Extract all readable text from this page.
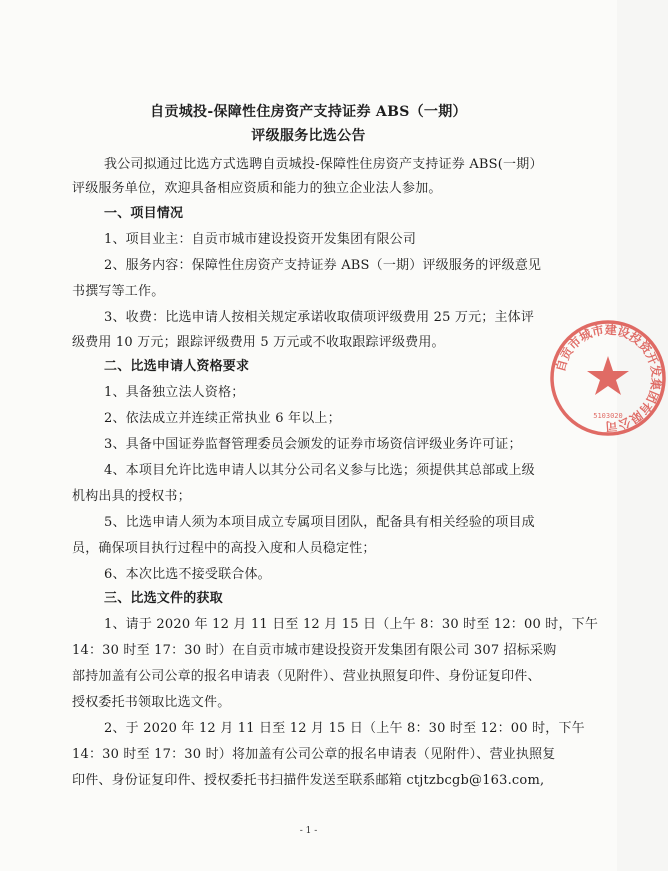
自贡城投-保障性住房资产支持证券 ABS（一期）
评级服务比选公告
我公司拟通过比选方式选聘自贡城投-保障性住房资产支持证券 ABS(一期）
评级服务单位，欢迎具备相应资质和能力的独立企业法人参加。
一、项目情况
1、项目业主：自贡市城市建设投资开发集团有限公司
2、服务内容：保障性住房资产支持证券 ABS（一期）评级服务的评级意见
书撰写等工作。
3、收费：比选申请人按相关规定承诺收取债项评级费用 25 万元；主体评
级费用 10 万元；跟踪评级费用 5 万元或不收取跟踪评级费用。
二、比选申请人资格要求
1、具备独立法人资格；
2、依法成立并连续正常执业 6 年以上；
3、具备中国证券监督管理委员会颁发的证券市场资信评级业务许可证；
4、本项目允许比选申请人以其分公司名义参与比选；须提供其总部或上级
机构出具的授权书；
5、比选申请人须为本项目成立专属项目团队，配备具有相关经验的项目成
员，确保项目执行过程中的高投入度和人员稳定性；
6、本次比选不接受联合体。
三、比选文件的获取
1、请于 2020 年 12 月 11 日至 12 月 15 日（上午 8：30 时至 12：00 时，下午
14：30 时至 17：30 时）在自贡市城市建设投资开发集团有限公司 307 招标采购
部持加盖有公司公章的报名申请表（见附件）、营业执照复印件、身份证复印件、
授权委托书领取比选文件。
2、于 2020 年 12 月 11 日至 12 月 15 日（上午 8：30 时至 12：00 时，下午
14：30 时至 17：30 时）将加盖有公司公章的报名申请表（见附件）、营业执照复
印件、身份证复印件、授权委托书扫描件发送至联系邮箱 ctjtzbcgb@163.com,
- 1 -
自贡市城市建设投资开发集团有限公司
5103020
